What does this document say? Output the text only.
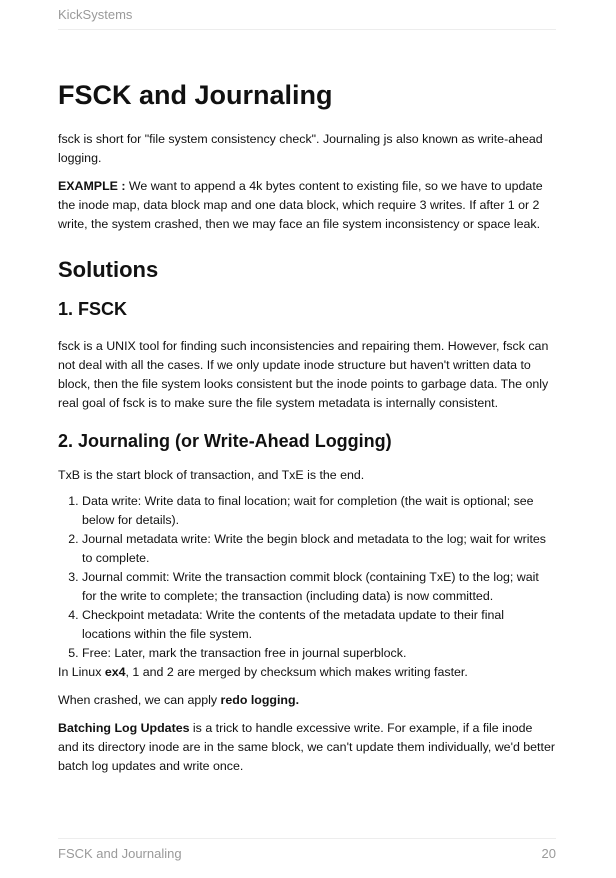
KickSystems
FSCK and Journaling

fsck is short for "file system consistency check". Journaling js also known as write-ahead logging.

EXAMPLE : We want to append a 4k bytes content to existing file, so we have to update the inode map, data block map and one data block, which require 3 writes. If after 1 or 2 write, the system crashed, then we may face an file system inconsistency or space leak.

Solutions
1. FSCK

fsck is a UNIX tool for finding such inconsistencies and repairing them. However, fsck can not deal with all the cases. If we only update inode structure but haven't written data to block, then the file system looks consistent but the inode points to garbage data. The only real goal of fsck is to make sure the file system metadata is internally consistent.

2. Journaling (or Write-Ahead Logging)

TxB is the start block of transaction, and TxE is the end.

1. Data write: Write data to final location; wait for completion (the wait is optional; see below for details).
2. Journal metadata write: Write the begin block and metadata to the log; wait for writes to complete.
3. Journal commit: Write the transaction commit block (containing TxE) to the log; wait for the write to complete; the transaction (including data) is now committed.
4. Checkpoint metadata: Write the contents of the metadata update to their final locations within the file system.
5. Free: Later, mark the transaction free in journal superblock.

In Linux ex4, 1 and 2 are merged by checksum which makes writing faster.

When crashed, we can apply redo logging.

Batching Log Updates is a trick to handle excessive write. For example, if a file inode and its directory inode are in the same block, we can't update them individually, we'd better batch log updates and write once.

FSCK and Journaling	20
